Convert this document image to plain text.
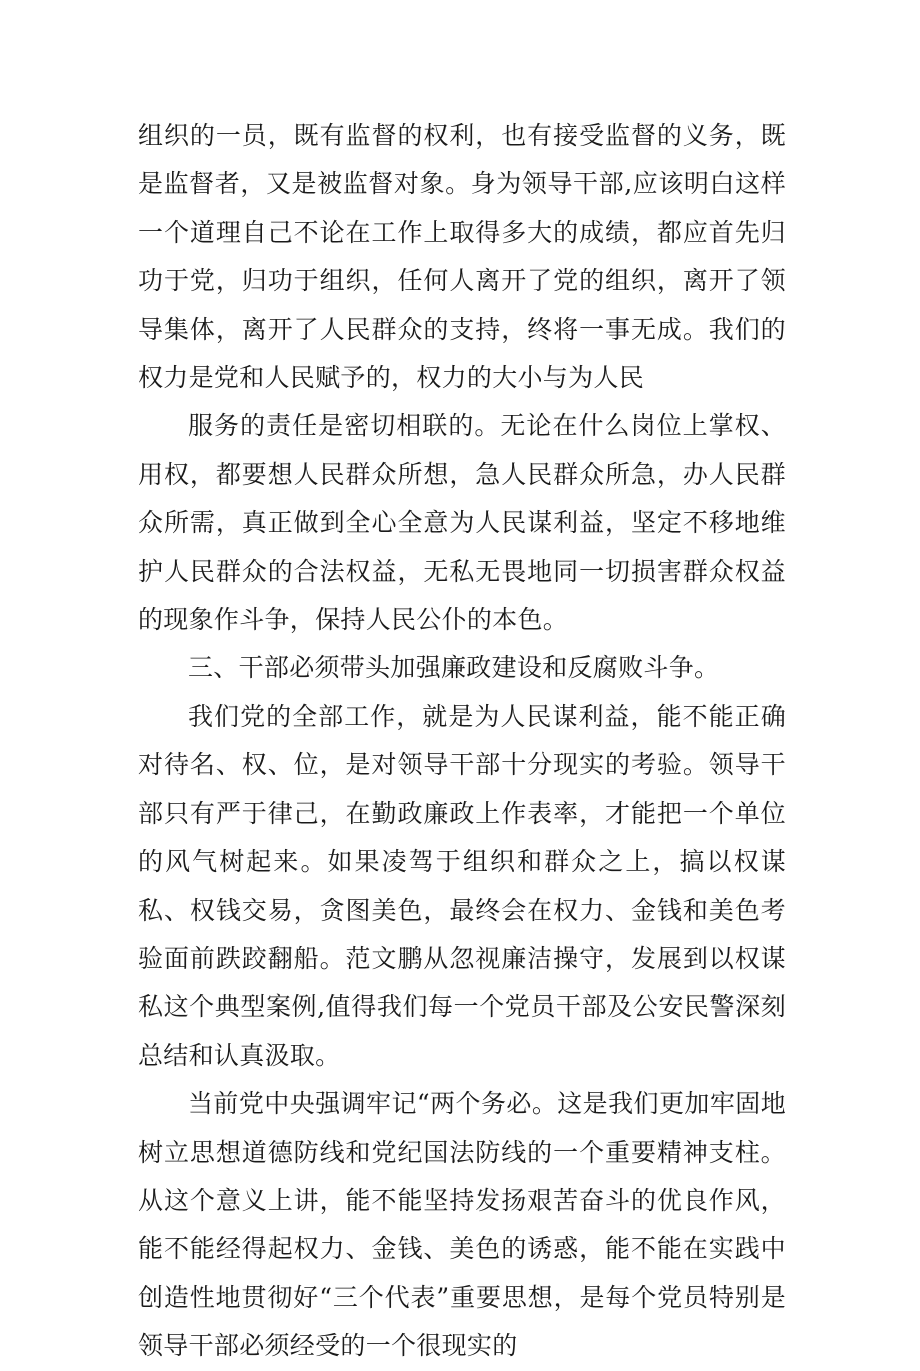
组织的一员，既有监督的权利，也有接受监督的义务，既是监督者，又是被监督对象。身为领导干部,应该明白这样一个道理自己不论在工作上取得多大的成绩，都应首先归功于党，归功于组织，任何人离开了党的组织，离开了领导集体，离开了人民群众的支持，终将一事无成。我们的权力是党和人民赋予的，权力的大小与为人民

服务的责任是密切相联的。无论在什么岗位上掌权、用权，都要想人民群众所想，急人民群众所急，办人民群众所需，真正做到全心全意为人民谋利益，坚定不移地维护人民群众的合法权益，无私无畏地同一切损害群众权益的现象作斗争，保持人民公仆的本色。

三、干部必须带头加强廉政建设和反腐败斗争。

我们党的全部工作，就是为人民谋利益，能不能正确对待名、权、位，是对领导干部十分现实的考验。领导干部只有严于律己，在勤政廉政上作表率，才能把一个单位的风气树起来。如果凌驾于组织和群众之上，搞以权谋私、权钱交易，贪图美色，最终会在权力、金钱和美色考验面前跌跤翻船。范文鹏从忽视廉洁操守，发展到以权谋私这个典型案例,值得我们每一个党员干部及公安民警深刻总结和认真汲取。

当前党中央强调牢记“两个务必。这是我们更加牢固地树立思想道德防线和党纪国法防线的一个重要精神支柱。从这个意义上讲，能不能坚持发扬艰苦奋斗的优良作风，能不能经得起权力、金钱、美色的诱惑，能不能在实践中创造性地贯彻好“三个代表”重要思想，是每个党员特别是领导干部必须经受的一个很现实的
